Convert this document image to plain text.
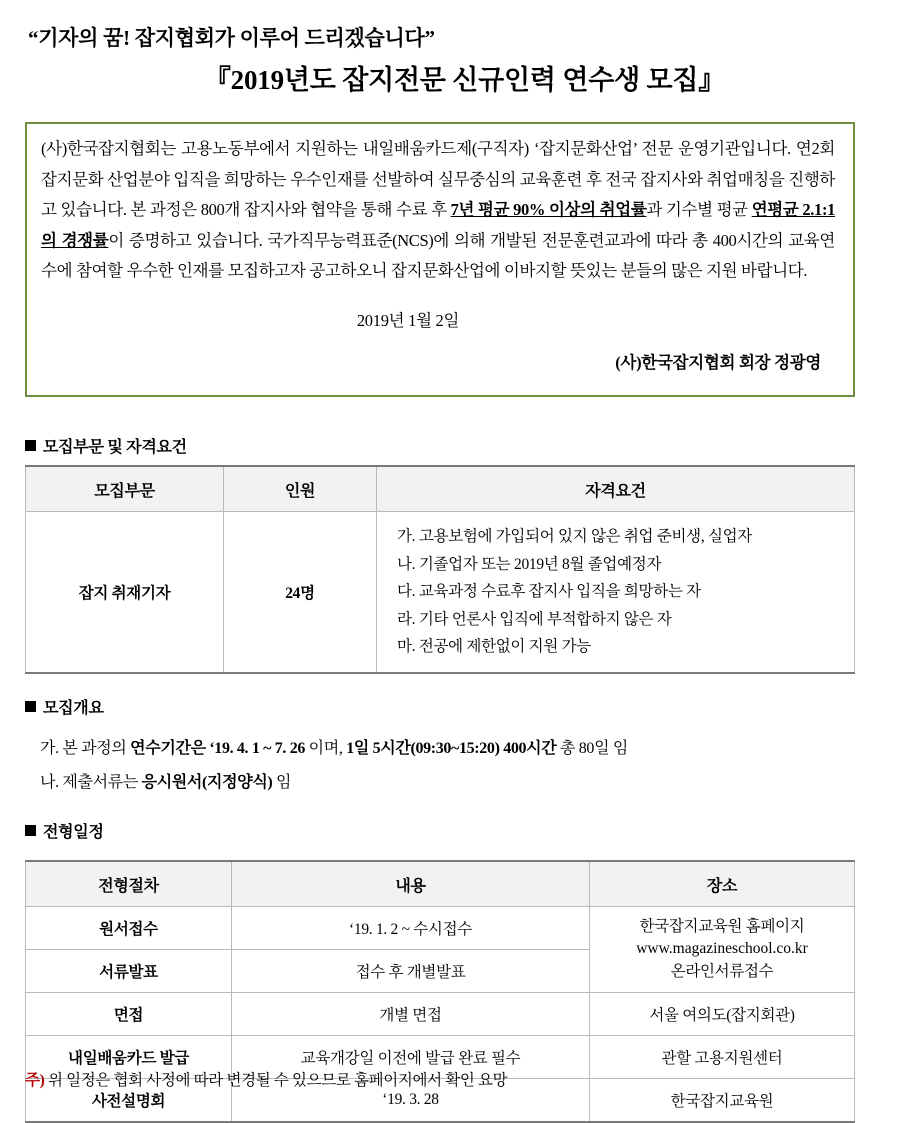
“기자의 꿈! 잡지협회가 이루어 드리겠습니다”
『2019년도 잡지전문 신규인력 연수생 모집』

(사)한국잡지협회는 고용노동부에서 지원하는 내일배움카드제(구직자) ‘잡지문화산업’ 전문 운영기관입니다. 연2회 잡지문화 산업분야 입직을 희망하는 우수인재를 선발하여 실무중심의 교육훈련 후 전국 잡지사와 취업매칭을 진행하고 있습니다. 본 과정은 800개 잡지사와 협약을 통해 수료 후 7년 평균 90% 이상의 취업률과 기수별 평균 연평균 2.1:1의 경쟁률이 증명하고 있습니다. 국가직무능력표준(NCS)에 의해 개발된 전문훈련교과에 따라 총 400시간의 교육연수에 참여할 우수한 인재를 모집하고자 공고하오니 잡지문화산업에 이바지할 뜻있는 분들의 많은 지원 바랍니다.

2019년 1월 2일
(사)한국잡지협회 회장 정광영
모집부문 및 자격요건
모집부문	인원	자격요건
잡지 취재기자	24명	가. 고용보험에 가입되어 있지 않은 취업 준비생, 실업자
나. 기졸업자 또는 2019년 8월 졸업예정자
다. 교육과정 수료후 잡지사 입직을 희망하는 자
라. 기타 언론사 입직에 부적합하지 않은 자
마. 전공에 제한없이 지원 가능
모집개요
가. 본 과정의 연수기간은 ‘19. 4. 1 ~ 7. 26 이며, 1일 5시간(09:30~15:20) 400시간 총 80일 임
나. 제출서류는 응시원서(지정양식) 임
전형일정
전형절차	내용	장소
원서접수	‘19. 1. 2 ~ 수시접수	한국잡지교육원 홈페이지
www.magazineschool.co.kr
온라인서류접수

서류발표	접수 후 개별발표	
면접	개별 면접	서울 여의도(잡지회관)
내일배움카드 발급	교육개강일 이전에 발급 완료 필수	관할 고용지원센터
사전설명회	‘19. 3. 28	한국잡지교육원
주) 위 일정은 협회 사정에 따라 변경될 수 있으므로 홈페이지에서 확인 요망
